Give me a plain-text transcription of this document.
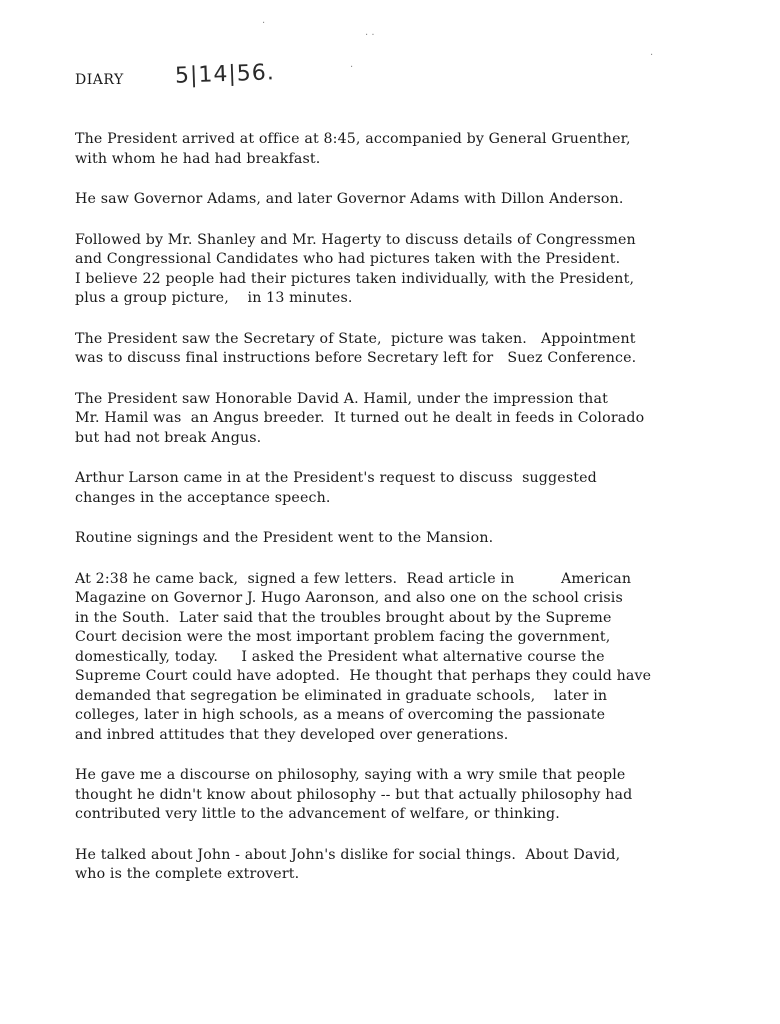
DIARY 5|14|56.
·
· ·
·
·
The President arrived at office at 8:45, accompanied by General Gruenther,
with whom he had had breakfast.
He saw Governor Adams, and later Governor Adams with Dillon Anderson.
Followed by Mr. Shanley and Mr. Hagerty to discuss details of Congressmen
and Congressional Candidates who had pictures taken with the President.
I believe 22 people had their pictures taken individually, with the President,
plus a group picture,    in 13 minutes.
The President saw the Secretary of State,  picture was taken.   Appointment
was to discuss final instructions before Secretary left for   Suez Conference.
The President saw Honorable David A. Hamil, under the impression that
Mr. Hamil was  an Angus breeder.  It turned out he dealt in feeds in Colorado
but had not break Angus.
Arthur Larson came in at the President's request to discuss  suggested
changes in the acceptance speech.
Routine signings and the President went to the Mansion.
At 2:38 he came back,  signed a few letters.  Read article in          American
Magazine on Governor J. Hugo Aaronson, and also one on the school crisis
in the South.  Later said that the troubles brought about by the Supreme
Court decision were the most important problem facing the government,
domestically, today.     I asked the President what alternative course the
Supreme Court could have adopted.  He thought that perhaps they could have
demanded that segregation be eliminated in graduate schools,    later in
colleges, later in high schools, as a means of overcoming the passionate
and inbred attitudes that they developed over generations.
He gave me a discourse on philosophy, saying with a wry smile that people
thought he didn't know about philosophy -- but that actually philosophy had
contributed very little to the advancement of welfare, or thinking.
He talked about John - about John's dislike for social things.  About David,
who is the complete extrovert.
